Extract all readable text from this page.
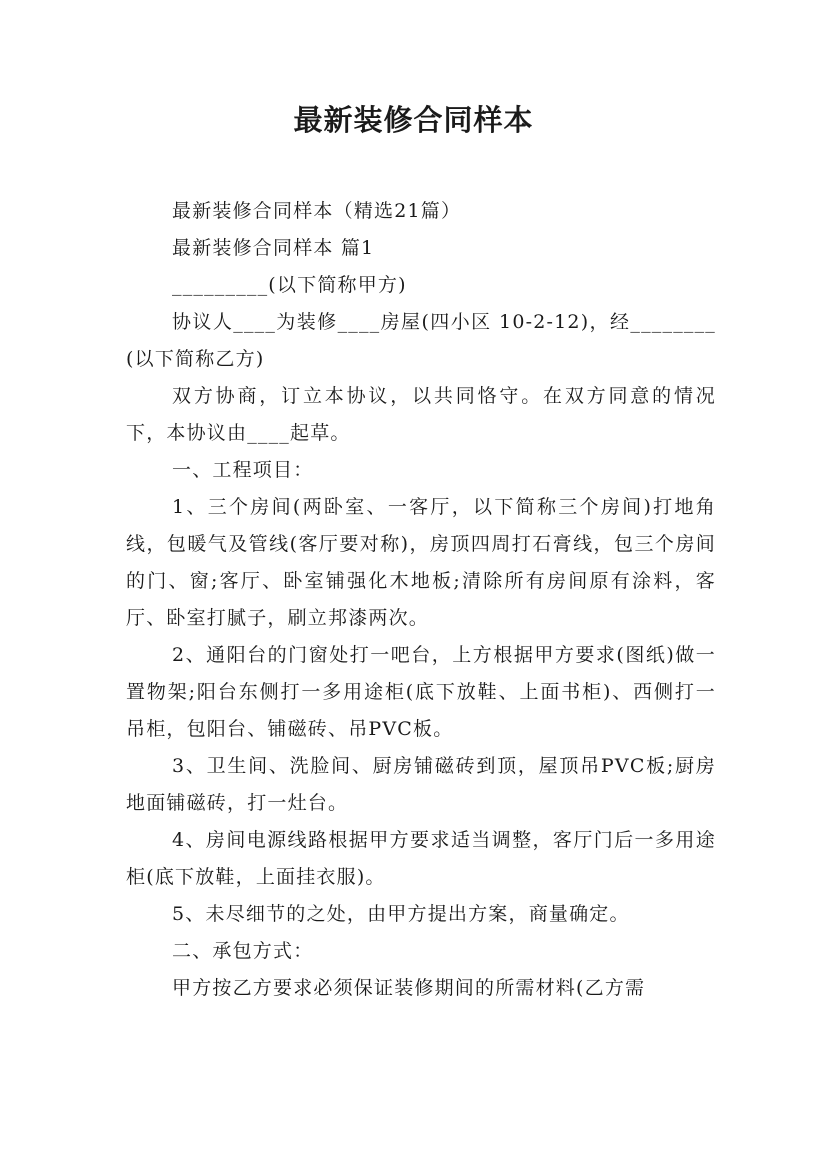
最新装修合同样本

最新装修合同样本（精选21篇）

最新装修合同样本 篇1

_________(以下简称甲方)

协议人____为装修____房屋(四小区 10-2-12)，经________(以下简称乙方)

双方协商，订立本协议，以共同恪守。在双方同意的情况下，本协议由____起草。

一、工程项目：

1、三个房间(两卧室、一客厅，以下简称三个房间)打地角线，包暖气及管线(客厅要对称)，房顶四周打石膏线，包三个房间的门、窗;客厅、卧室铺强化木地板;清除所有房间原有涂料，客厅、卧室打腻子，刷立邦漆两次。

2、通阳台的门窗处打一吧台，上方根据甲方要求(图纸)做一置物架;阳台东侧打一多用途柜(底下放鞋、上面书柜)、西侧打一吊柜，包阳台、铺磁砖、吊PVC板。

3、卫生间、洗脸间、厨房铺磁砖到顶，屋顶吊PVC板;厨房地面铺磁砖，打一灶台。

4、房间电源线路根据甲方要求适当调整，客厅门后一多用途柜(底下放鞋，上面挂衣服)。

5、未尽细节的之处，由甲方提出方案，商量确定。

二、承包方式：

甲方按乙方要求必须保证装修期间的所需材料(乙方需
